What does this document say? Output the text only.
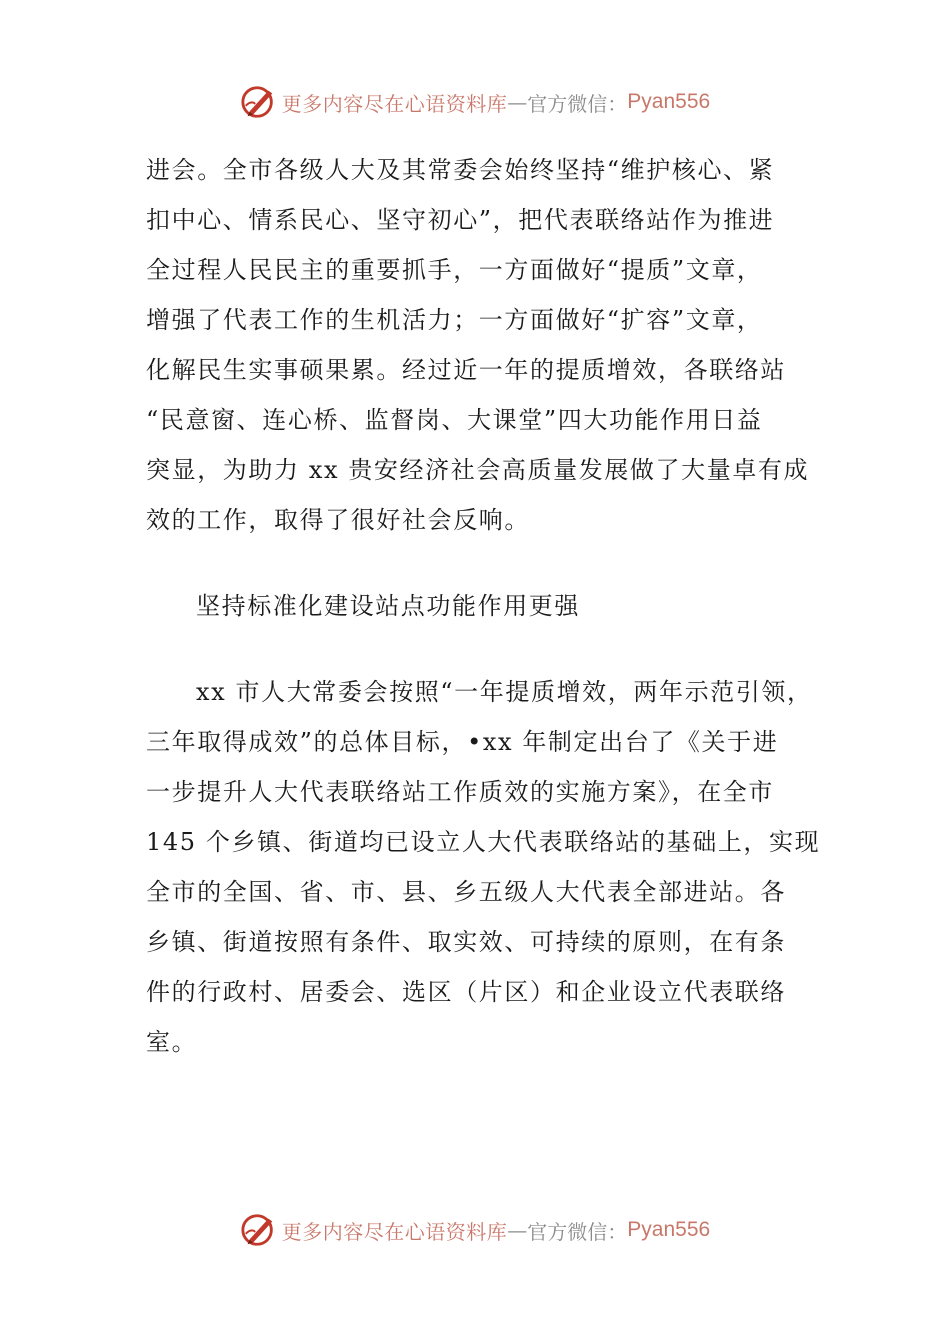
更多内容尽在心语资料库 — 官方微信： Pyan556

进会。全市各级人大及其常委会始终坚持“维护核心、紧
扣中心、情系民心、坚守初心”，把代表联络站作为推进
全过程人民民主的重要抓手，一方面做好“提质”文章，
增强了代表工作的生机活力；一方面做好“扩容”文章，
化解民生实事硕果累。经过近一年的提质增效，各联络站
“民意窗、连心桥、监督岗、大课堂”四大功能作用日益
突显，为助力 xx 贵安经济社会高质量发展做了大量卓有成
效的工作，取得了很好社会反响。

坚持标准化建设站点功能作用更强

xx 市人大常委会按照“一年提质增效，两年示范引领，
三年取得成效”的总体目标，•xx 年制定出台了《关于进
一步提升人大代表联络站工作质效的实施方案》，在全市
145 个乡镇、街道均已设立人大代表联络站的基础上，实现
全市的全国、省、市、县、乡五级人大代表全部进站。各
乡镇、街道按照有条件、取实效、可持续的原则，在有条
件的行政村、居委会、选区（片区）和企业设立代表联络
室。

更多内容尽在心语资料库 — 官方微信： Pyan556
